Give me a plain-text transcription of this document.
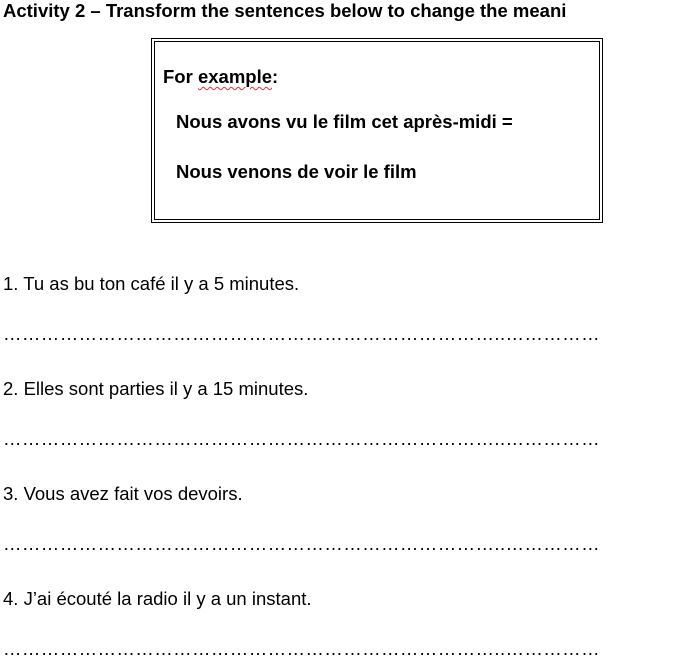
Activity 2 – Transform the sentences below to change the meani
For example:
Nous avons vu le film cet après-midi =
Nous venons de voir le film
1. Tu as bu ton café il y a 5 minutes.
……………………………………………………………………..……………
2. Elles sont parties il y a 15 minutes.
……………………………………………………………………..……………
3. Vous avez fait vos devoirs.
……………………………………………………………………..……………
4. J’ai écouté la radio il y a un instant.
……………………………………………………………………..……………
